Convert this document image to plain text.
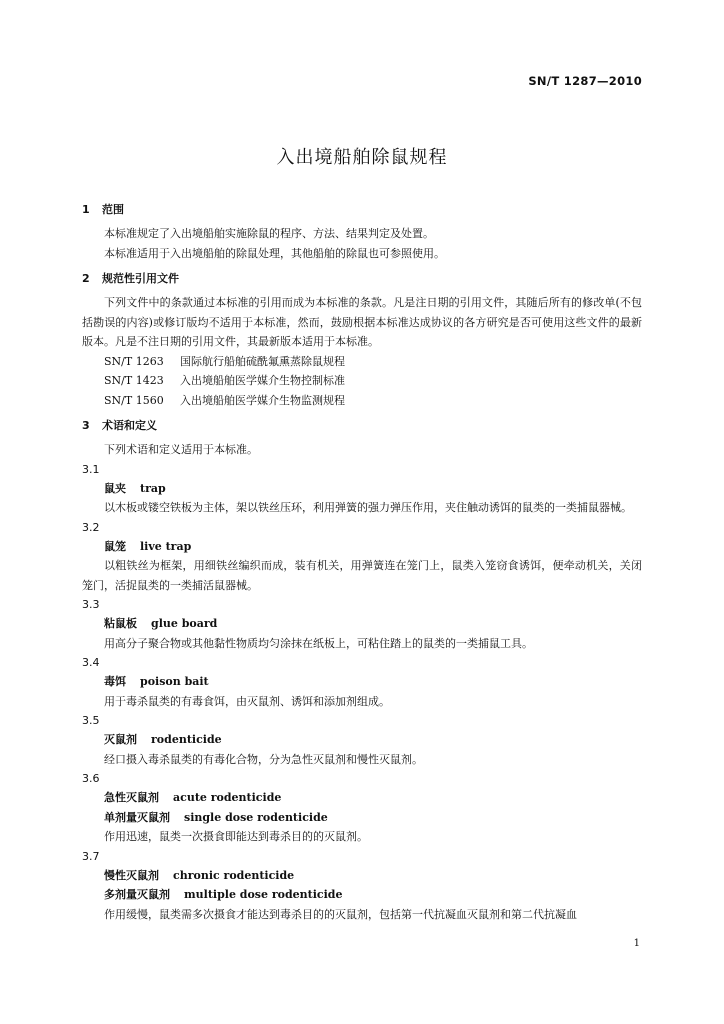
SN/T 1287—2010
入出境船舶除鼠规程

1 范围

本标准规定了入出境船舶实施除鼠的程序、方法、结果判定及处置。

本标准适用于入出境船舶的除鼠处理，其他船舶的除鼠也可参照使用。

2 规范性引用文件

下列文件中的条款通过本标准的引用而成为本标准的条款。凡是注日期的引用文件，其随后所有的修改单(不包括勘误的内容)或修订版均不适用于本标准，然而，鼓励根据本标准达成协议的各方研究是否可使用这些文件的最新版本。凡是不注日期的引用文件，其最新版本适用于本标准。

SN/T 1263 国际航行船舶硫酰氟熏蒸除鼠规程

SN/T 1423 入出境船舶医学媒介生物控制标准

SN/T 1560 入出境船舶医学媒介生物监测规程

3 术语和定义

下列术语和定义适用于本标准。

3.1

鼠夹 trap

以木板或镂空铁板为主体，架以铁丝压环，利用弹簧的强力弹压作用，夹住触动诱饵的鼠类的一类捕鼠器械。

3.2

鼠笼 live trap

以粗铁丝为框架，用细铁丝编织而成，装有机关，用弹簧连在笼门上，鼠类入笼窃食诱饵，便牵动机关，关闭笼门，活捉鼠类的一类捕活鼠器械。

3.3

粘鼠板 glue board

用高分子聚合物或其他黏性物质均匀涂抹在纸板上，可粘住踏上的鼠类的一类捕鼠工具。

3.4

毒饵 poison bait

用于毒杀鼠类的有毒食饵，由灭鼠剂、诱饵和添加剂组成。

3.5

灭鼠剂 rodenticide

经口摄入毒杀鼠类的有毒化合物，分为急性灭鼠剂和慢性灭鼠剂。

3.6

急性灭鼠剂 acute rodenticide

单剂量灭鼠剂 single dose rodenticide

作用迅速，鼠类一次摄食即能达到毒杀目的的灭鼠剂。

3.7

慢性灭鼠剂 chronic rodenticide

多剂量灭鼠剂 multiple dose rodenticide

作用缓慢，鼠类需多次摄食才能达到毒杀目的的灭鼠剂，包括第一代抗凝血灭鼠剂和第二代抗凝血

1
